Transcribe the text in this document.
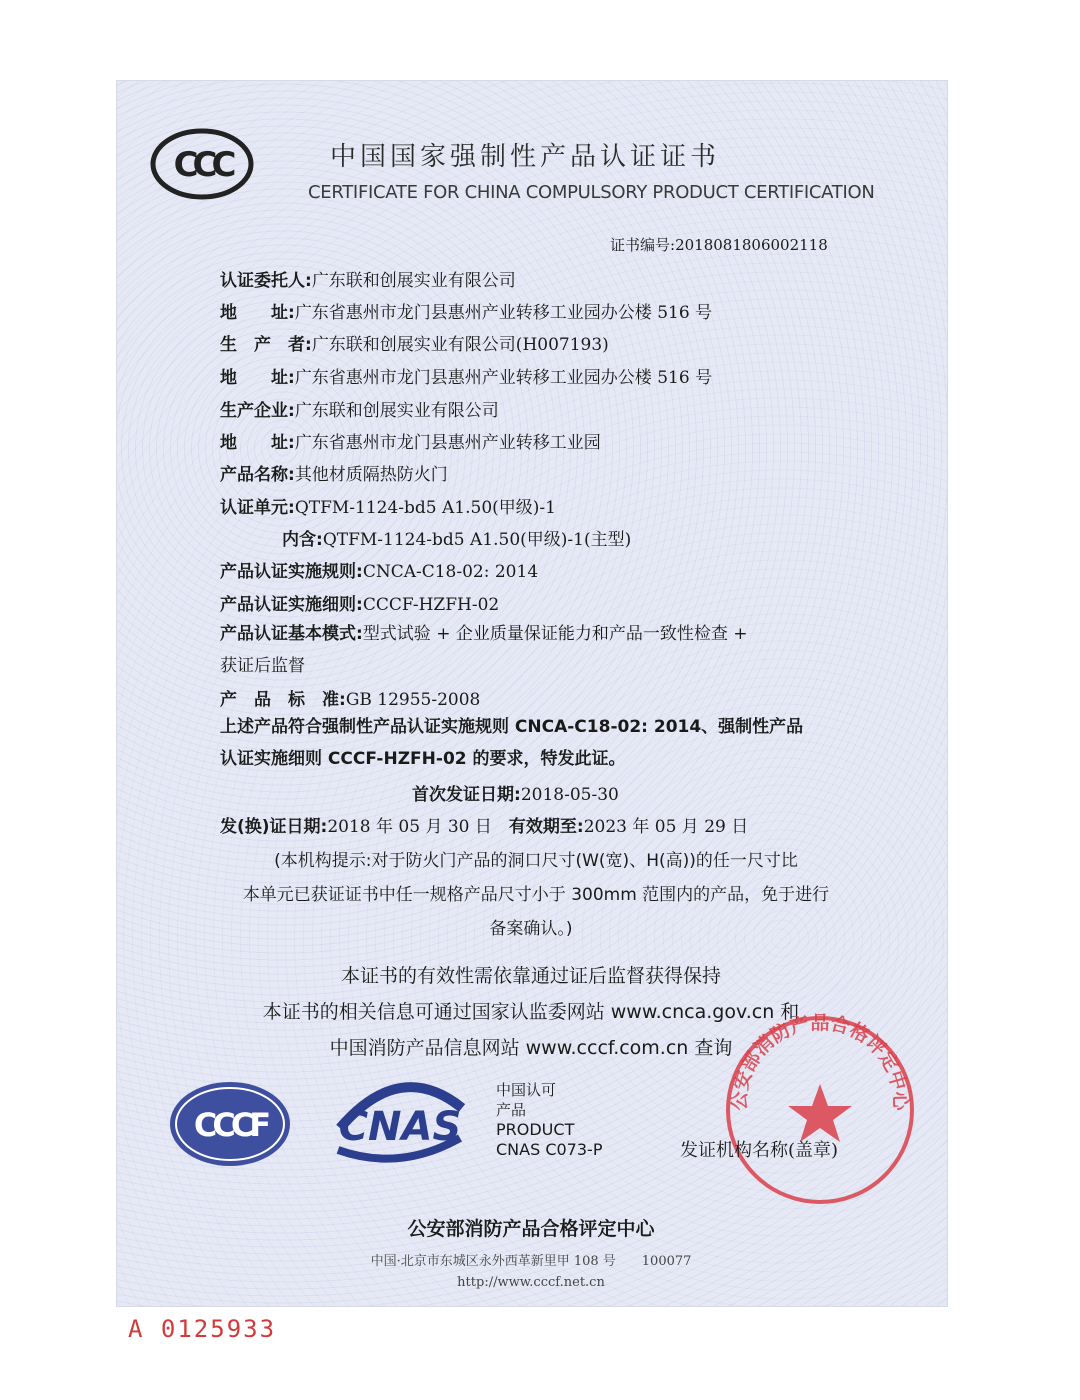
CCC	中国国家强制性产品认证证书
CERTIFICATE FOR CHINA COMPULSORY PRODUCT CERTIFICATION
证书编号:2018081806002118
认证委托人:广东联和创展实业有限公司
地　　址:广东省惠州市龙门县惠州产业转移工业园办公楼 516 号
生　产　者:广东联和创展实业有限公司(H007193)
地　　址:广东省惠州市龙门县惠州产业转移工业园办公楼 516 号
生产企业:广东联和创展实业有限公司
地　　址:广东省惠州市龙门县惠州产业转移工业园
产品名称:其他材质隔热防火门
认证单元:QTFM-1124-bd5 A1.50(甲级)-1
内含:QTFM-1124-bd5 A1.50(甲级)-1(主型)
产品认证实施规则:CNCA-C18-02: 2014
产品认证实施细则:CCCF-HZFH-02
产品认证基本模式:型式试验 + 企业质量保证能力和产品一致性检查 +
获证后监督
产　品　标　准:GB 12955-2008
上述产品符合强制性产品认证实施规则 CNCA-C18-02: 2014、强制性产品
认证实施细则 CCCF-HZFH-02 的要求，特发此证。
首次发证日期:2018-05-30
发(换)证日期:2018 年 05 月 30 日　 有效期至:2023 年 05 月 29 日
(本机构提示:对于防火门产品的洞口尺寸(W(宽)、H(高))的任一尺寸比
本单元已获证证书中任一规格产品尺寸小于 300mm 范围内的产品，免于进行
备案确认。)
本证书的有效性需依靠通过证后监督获得保持
本证书的相关信息可通过国家认监委网站 www.cnca.gov.cn 和
中国消防产品信息网站 www.cccf.com.cn 查询
CCCF CNAS
中国认可
产品
PRODUCT
CNAS C073-P
公安部消防产品合格评定中心
发证机构名称(盖章)
公安部消防产品合格评定中心
中国·北京市东城区永外西革新里甲 108 号　　100077
http://www.cccf.net.cn
A 0125933
